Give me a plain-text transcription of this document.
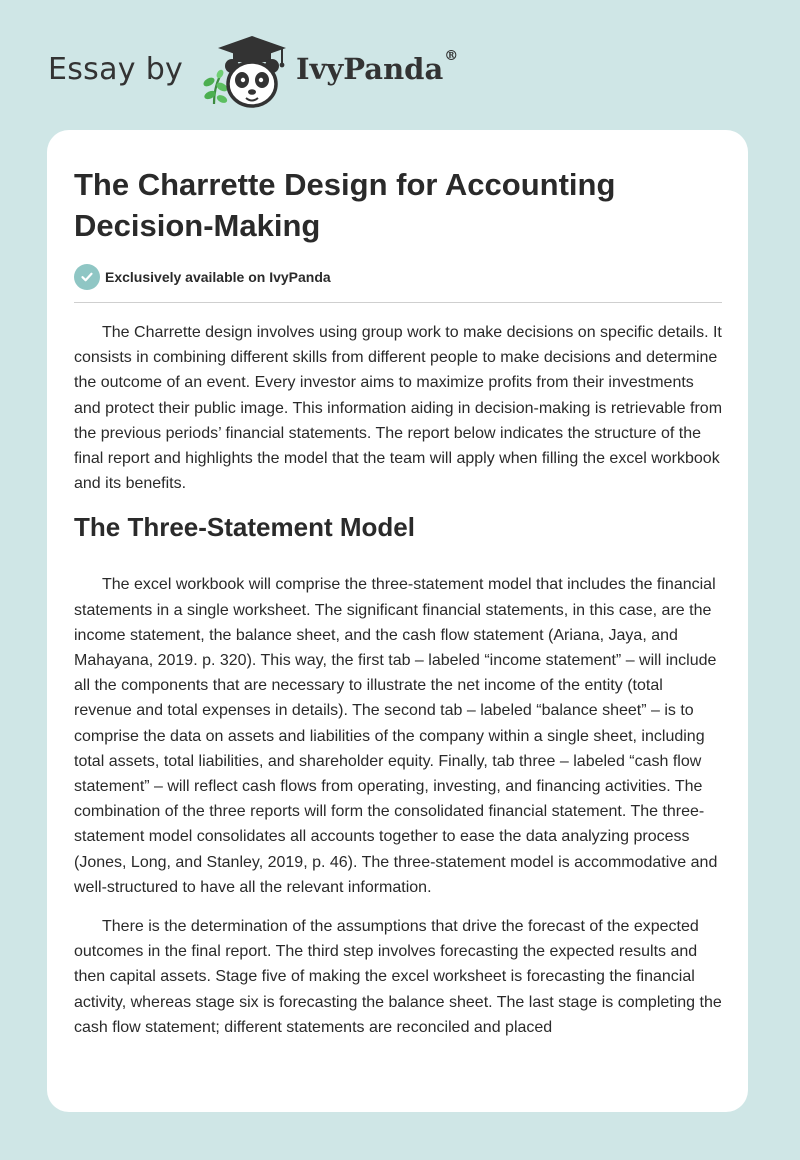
Essay by	IvyPanda®
The Charrette Design for Accounting Decision-Making
Exclusively available on IvyPanda

The Charrette design involves using group work to make decisions on specific details. It consists in combining different skills from different people to make decisions and determine the outcome of an event. Every investor aims to maximize profits from their investments and protect their public image. This information aiding in decision-making is retrievable from the previous periods’ financial statements. The report below indicates the structure of the final report and highlights the model that the team will apply when filling the excel workbook and its benefits.

The Three-Statement Model

The excel workbook will comprise the three-statement model that includes the financial statements in a single worksheet. The significant financial statements, in this case, are the income statement, the balance sheet, and the cash flow statement (Ariana, Jaya, and Mahayana, 2019. p. 320). This way, the first tab – labeled “income statement” – will include all the components that are necessary to illustrate the net income of the entity (total revenue and total expenses in details). The second tab – labeled “balance sheet” – is to comprise the data on assets and liabilities of the company within a single sheet, including total assets, total liabilities, and shareholder equity. Finally, tab three – labeled “cash flow statement” – will reflect cash flows from operating, investing, and financing activities. The combination of the three reports will form the consolidated financial statement. The three-statement model consolidates all accounts together to ease the data analyzing process (Jones, Long, and Stanley, 2019, p. 46). The three-statement model is accommodative and well-structured to have all the relevant information.

There is the determination of the assumptions that drive the forecast of the expected outcomes in the final report. The third step involves forecasting the expected results and then capital assets. Stage five of making the excel worksheet is forecasting the financial activity, whereas stage six is forecasting the balance sheet. The last stage is completing the cash flow statement; different statements are reconciled and placed
